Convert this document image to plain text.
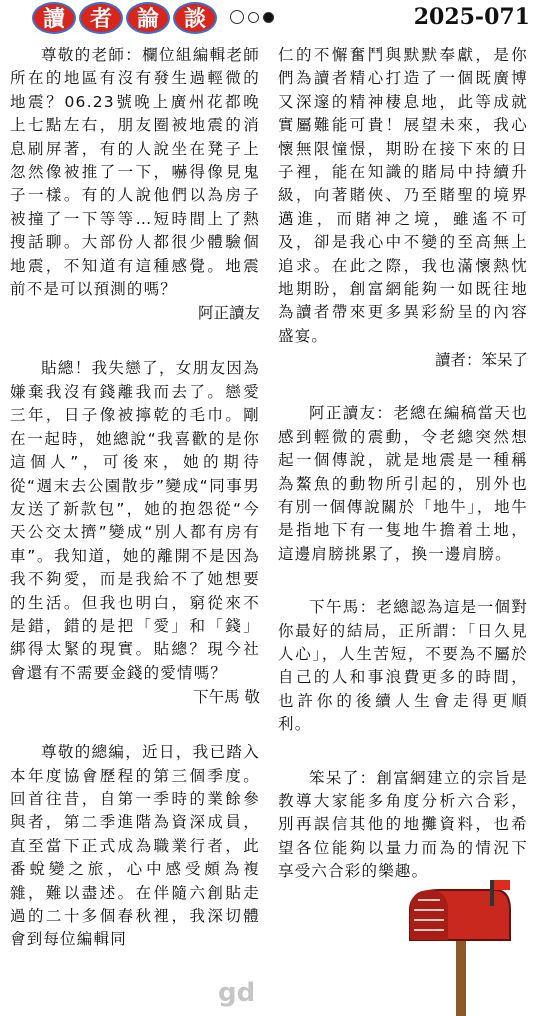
讀	者	論	談	2025-071

尊敬的老師：欄位組編輯老師所在的地區有沒有發生過輕微的地震？06.23號晚上廣州花都晚上七點左右，朋友圈被地震的消息刷屏著，有的人說坐在凳子上忽然像被推了一下，嚇得像見鬼子一樣。有的人說他們以為房子被撞了一下等等…短時間上了熱搜話聊。大部份人都很少體驗個地震，不知道有這種感覺。地震前不是可以預測的嗎？

阿正讀友

貼總！我失戀了，女朋友因為嫌棄我沒有錢離我而去了。戀愛三年，日子像被擰乾的毛巾。剛在一起時，她總說“我喜歡的是你這個人”，可後來，她的期待從“週末去公園散步”變成“同事男友送了新款包”，她的抱怨從“今天公交太擠”變成“別人都有房有車”。我知道，她的離開不是因為我不夠愛，而是我給不了她想要的生活。但我也明白，窮從來不是錯，錯的是把「愛」和「錢」綁得太緊的現實。貼總？現今社會還有不需要金錢的愛情嗎？

下午馬 敬

尊敬的總編，近日，我已踏入本年度協會歷程的第三個季度。回首往昔，自第一季時的業餘參與者，第二季進階為資深成員，直至當下正式成為職業行者，此番蛻變之旅，心中感受頗為複雜，難以盡述。在伴隨六創貼走過的二十多個春秋裡，我深切體會到每位編輯同

仁的不懈奮鬥與默默奉獻，是你們為讀者精心打造了一個既廣博又深邃的精神棲息地，此等成就實屬難能可貴！展望未來，我心懷無限憧憬，期盼在接下來的日子裡，能在知識的賭局中持續升級，向著賭俠、乃至賭聖的境界邁進，而賭神之境，雖遙不可及，卻是我心中不變的至高無上追求。在此之際，我也滿懷熱忱地期盼，創富網能夠一如既往地為讀者帶來更多異彩紛呈的內容盛宴。

讀者：笨呆了

阿正讀友：老總在編稿當天也感到輕微的震動，令老總突然想起一個傳說，就是地震是一種稱為鰲魚的動物所引起的，別外也有別一個傳說關於「地牛」，地牛是指地下有一隻地牛擔着土地，這邊肩膀挑累了，換一邊肩膀。

下午馬：老總認為這是一個對你最好的結局，正所謂：「日久見人心」，人生苦短，不要為不屬於自己的人和事浪費更多的時間，也許你的後續人生會走得更順利。

笨呆了：創富網建立的宗旨是教導大家能多角度分析六合彩，別再誤信其他的地攤資料，也希望各位能夠以量力而為的情況下享受六合彩的樂趣。

gd
